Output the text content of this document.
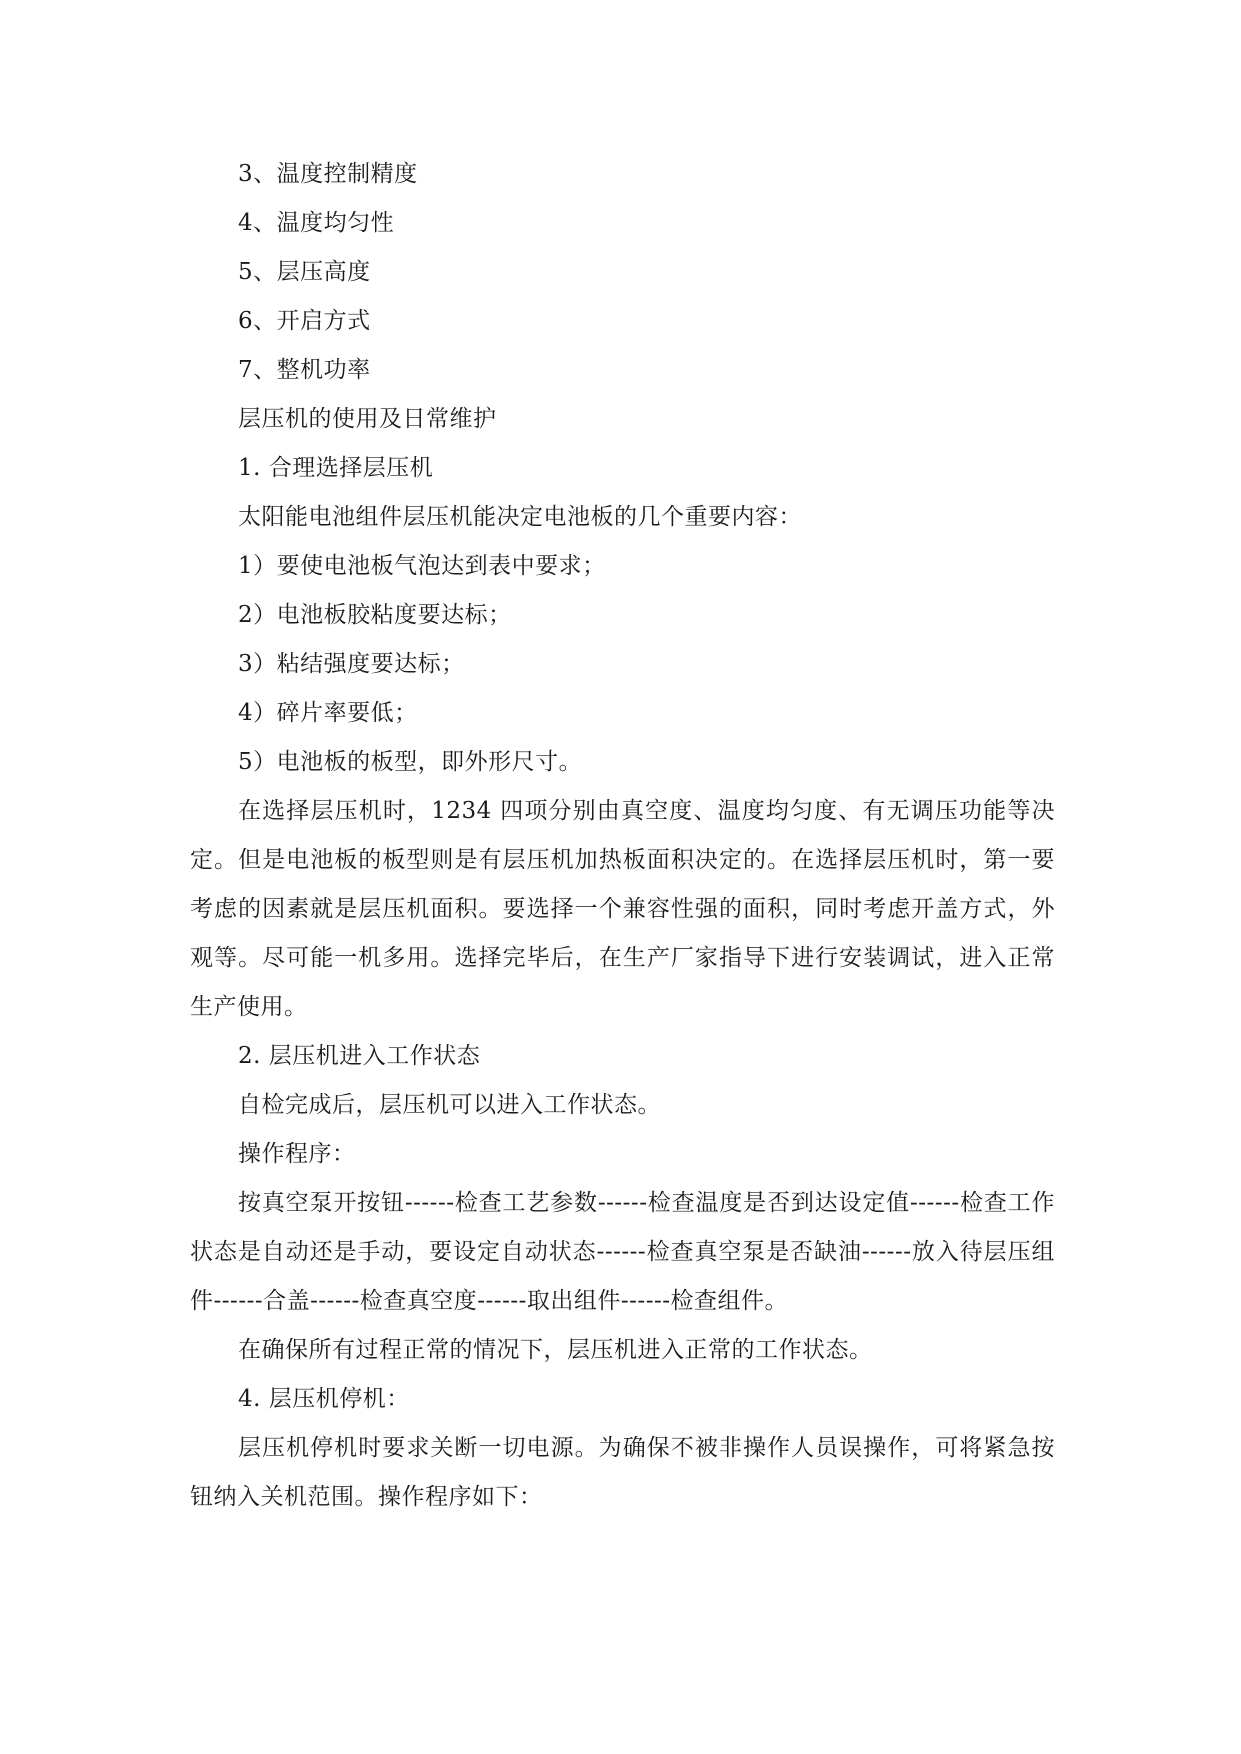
3、温度控制精度

4、温度均匀性

5、层压高度

6、开启方式

7、整机功率

层压机的使用及日常维护

1. 合理选择层压机

太阳能电池组件层压机能决定电池板的几个重要内容：

1）要使电池板气泡达到表中要求；

2）电池板胶粘度要达标；

3）粘结强度要达标；

4）碎片率要低；

5）电池板的板型，即外形尺寸。

在选择层压机时，1234 四项分别由真空度、温度均匀度、有无调压功能等决定。但是电池板的板型则是有层压机加热板面积决定的。在选择层压机时，第一要考虑的因素就是层压机面积。要选择一个兼容性强的面积，同时考虑开盖方式，外观等。尽可能一机多用。选择完毕后，在生产厂家指导下进行安装调试，进入正常生产使用。

2. 层压机进入工作状态

自检完成后，层压机可以进入工作状态。

操作程序：

按真空泵开按钮------检查工艺参数------检查温度是否到达设定值------检查工作状态是自动还是手动，要设定自动状态------检查真空泵是否缺油------放入待层压组件------合盖------检查真空度------取出组件------检查组件。

在确保所有过程正常的情况下，层压机进入正常的工作状态。

4. 层压机停机：

层压机停机时要求关断一切电源。为确保不被非操作人员误操作，可将紧急按钮纳入关机范围。操作程序如下：
